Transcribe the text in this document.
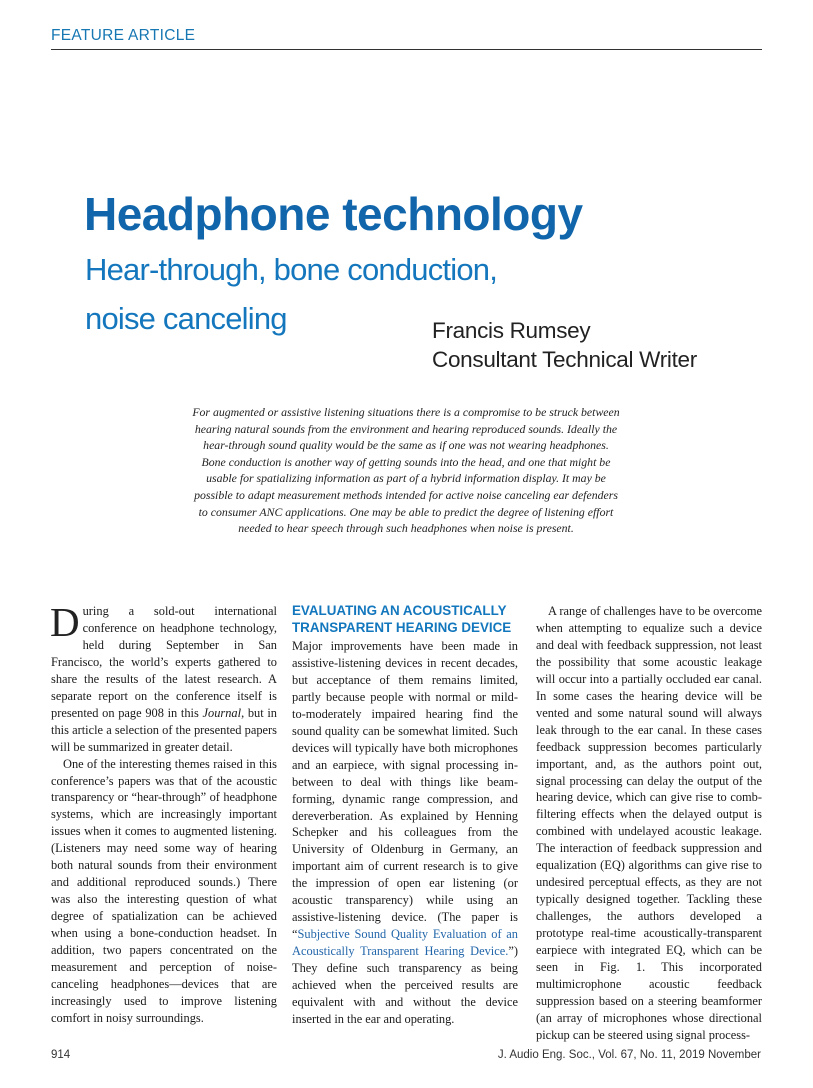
FEATURE ARTICLE
Headphone technology
Hear-through, bone conduction,
noise canceling	Francis Rumsey
Consultant Technical Writer

For augmented or assistive listening situations there is a compromise to be struck between hearing natural sounds from the environment and hearing reproduced sounds. Ideally the hear-through sound quality would be the same as if one was not wearing headphones. Bone conduction is another way of getting sounds into the head, and one that might be usable for spatializing information as part of a hybrid information display. It may be possible to adapt measurement methods intended for active noise canceling ear defenders to consumer ANC applications. One may be able to predict the degree of listening effort needed to hear speech through such headphones when noise is present.

During a sold-out international conference on headphone technology, held during September in San Francisco, the world’s experts gathered to share the results of the latest research. A separate report on the conference itself is presented on page 908 in this Journal, but in this article a selection of the presented papers will be summarized in greater detail.

One of the interesting themes raised in this conference’s papers was that of the acoustic transparency or “hear-through” of headphone systems, which are increasingly important issues when it comes to augmented listening. (Listeners may need some way of hearing both natural sounds from their environment and additional reproduced sounds.) There was also the interesting question of what degree of spatialization can be achieved when using a bone-conduction headset. In addition, two papers concentrated on the measurement and perception of noise-canceling headphones—devices that are increasingly used to improve listening comfort in noisy surroundings.

EVALUATING AN ACOUSTICALLY TRANSPARENT HEARING DEVICE

Major improvements have been made in assistive-listening devices in recent decades, but acceptance of them remains limited, partly because people with normal or mild-to-moderately impaired hearing find the sound quality can be somewhat limited. Such devices will typically have both microphones and an earpiece, with signal processing in-between to deal with things like beam-forming, dynamic range compression, and dereverberation. As explained by Henning Schepker and his colleagues from the University of Oldenburg in Germany, an important aim of current research is to give the impression of open ear listening (or acoustic transparency) while using an assistive-listening device. (The paper is “Subjective Sound Quality Evaluation of an Acoustically Transparent Hearing Device.”) They define such transparency as being achieved when the perceived results are equivalent with and without the device inserted in the ear and operating.

A range of challenges have to be overcome when attempting to equalize such a device and deal with feedback suppression, not least the possibility that some acoustic leakage will occur into a partially occluded ear canal. In some cases the hearing device will be vented and some natural sound will always leak through to the ear canal. In these cases feedback suppression becomes particularly important, and, as the authors point out, signal processing can delay the output of the hearing device, which can give rise to comb-filtering effects when the delayed output is combined with undelayed acoustic leakage. The interaction of feedback suppression and equalization (EQ) algorithms can give rise to undesired perceptual effects, as they are not typically designed together. Tackling these challenges, the authors developed a prototype real-time acoustically-transparent earpiece with integrated EQ, which can be seen in Fig. 1. This incorporated multimicrophone acoustic feedback suppression based on a steering beamformer (an array of microphones whose directional pickup can be steered using signal process-

914	J. Audio Eng. Soc., Vol. 67, No. 11, 2019 November
